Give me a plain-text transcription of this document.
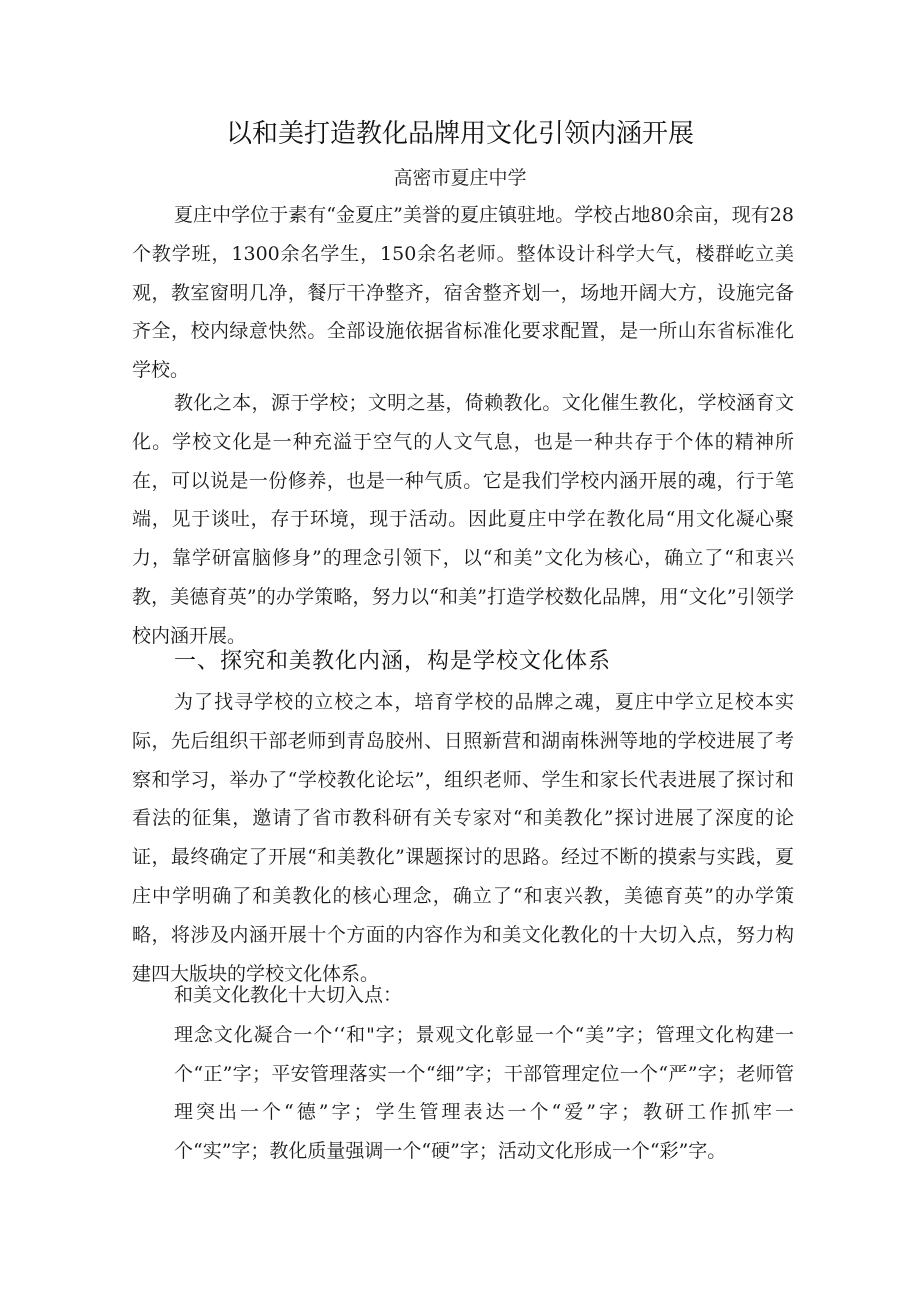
以和美打造教化品牌用文化引领内涵开展
高密市夏庄中学

夏庄中学位于素有“金夏庄”美誉的夏庄镇驻地。学校占地80余亩，现有28个教学班，1300余名学生，150余名老师。整体设计科学大气，楼群屹立美观，教室窗明几净，餐厅干净整齐，宿舍整齐划一，场地开阔大方，设施完备齐全，校内绿意快然。全部设施依据省标准化要求配置，是一所山东省标准化学校。

教化之本，源于学校；文明之基，倚赖教化。文化催生教化，学校涵育文化。学校文化是一种充溢于空气的人文气息，也是一种共存于个体的精神所在，可以说是一份修养，也是一种气质。它是我们学校内涵开展的魂，行于笔端，见于谈吐，存于环境，现于活动。因此夏庄中学在教化局“用文化凝心聚力，靠学研富脑修身”的理念引领下，以“和美”文化为核心，确立了“和衷兴教，美德育英”的办学策略，努力以“和美”打造学校数化品牌，用“文化”引领学校内涵开展。

一、探究和美教化内涵，构是学校文化体系

为了找寻学校的立校之本，培育学校的品牌之魂，夏庄中学立足校本实际，先后组织干部老师到青岛胶州、日照新营和湖南株洲等地的学校进展了考察和学习，举办了“学校教化论坛”，组织老师、学生和家长代表进展了探讨和看法的征集，邀请了省市教科研有关专家对“和美教化”探讨进展了深度的论证，最终确定了开展“和美教化”课题探讨的思路。经过不断的摸索与实践，夏庄中学明确了和美教化的核心理念，确立了“和衷兴教，美德育英”的办学策略，将涉及内涵开展十个方面的内容作为和美文化教化的十大切入点，努力构建四大版块的学校文化体系。

和美文化教化十大切入点：

理念文化凝合一个‘‘和"字；景观文化彰显一个“美”字；管理文化构建一个“正”字；平安管理落实一个“细”字；干部管理定位一个“严”字；老师管理突出一个“德”字；学生管理表达一个“爱”字；教研工作抓牢一个“实”字；教化质量强调一个“硬”字；活动文化形成一个“彩”字。
